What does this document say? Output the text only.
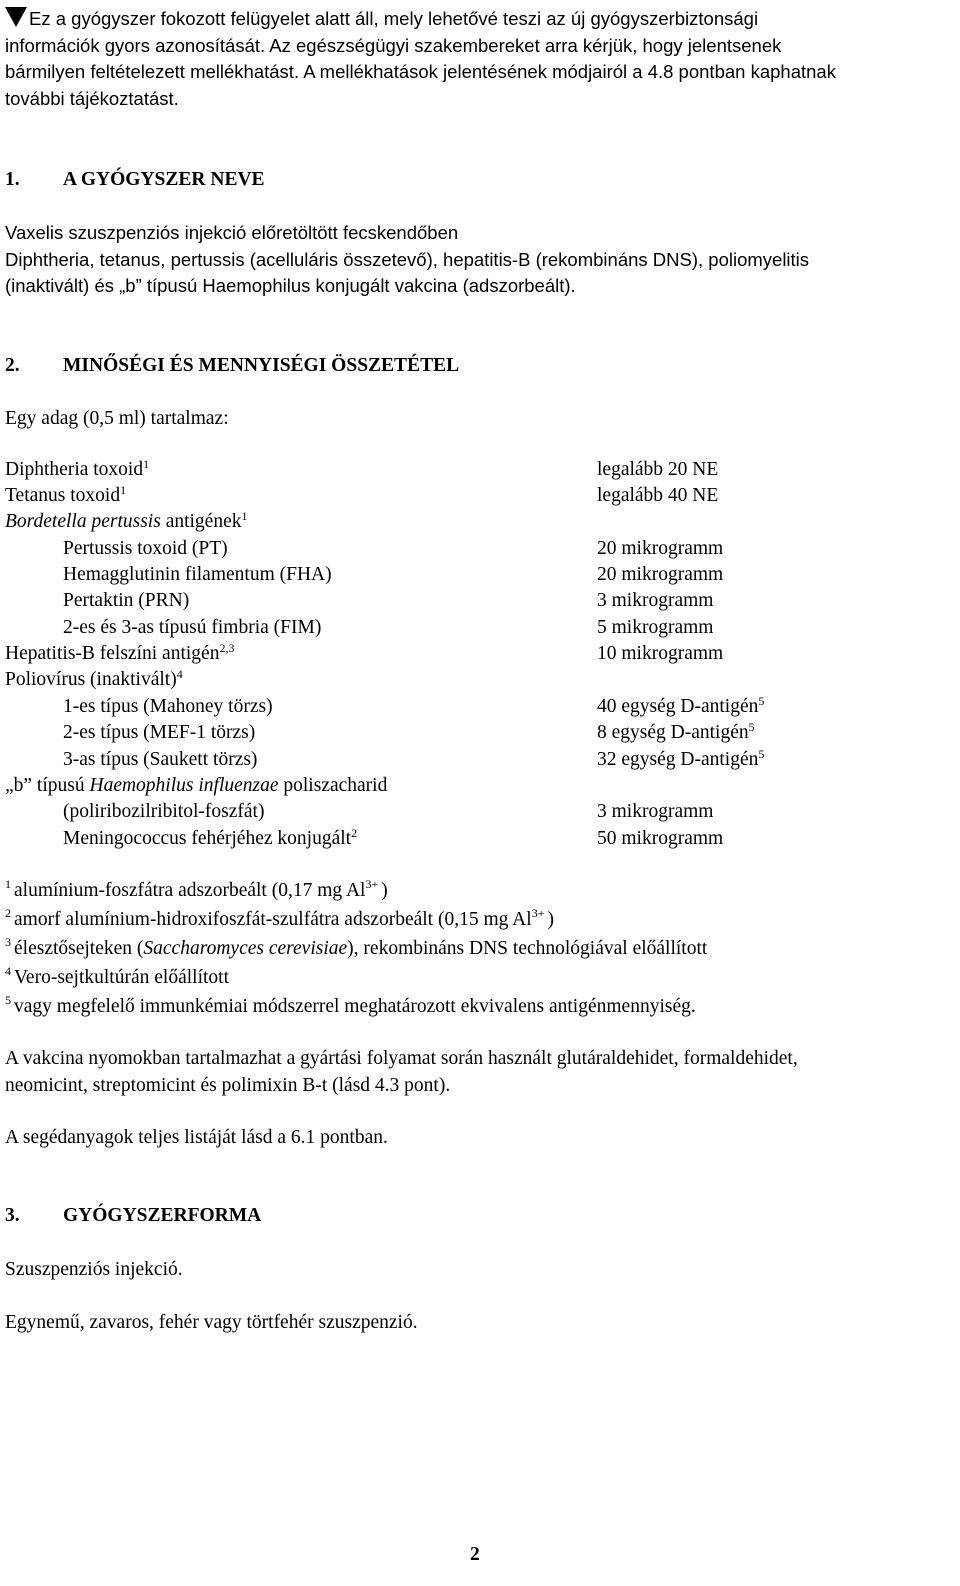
Ez a gyógyszer fokozott felügyelet alatt áll, mely lehetővé teszi az új gyógyszerbiztonsági
információk gyors azonosítását. Az egészségügyi szakembereket arra kérjük, hogy jelentsenek
bármilyen feltételezett mellékhatást. A mellékhatások jelentésének módjairól a 4.8 pontban kaphatnak
további tájékoztatást.
1. A GYÓGYSZER NEVE
Vaxelis szuszpenziós injekció előretöltött fecskendőben
Diphtheria, tetanus, pertussis (acelluláris összetevő), hepatitis-B (rekombináns DNS), poliomyelitis
(inaktivált) és „b” típusú Haemophilus konjugált vakcina (adszorbeált).
2. MINŐSÉGI ÉS MENNYISÉGI ÖSSZETÉTEL
Egy adag (0,5 ml) tartalmaz:
Diphtheria toxoid$^1$	legalább 20 NE
Tetanus toxoid$^1$	legalább 40 NE
Bordetella pertussis antigének$^1$
Pertussis toxoid (PT)	20 mikrogramm
Hemagglutinin filamentum (FHA)	20 mikrogramm
Pertaktin (PRN)	3 mikrogramm
2-es és 3-as típusú fimbria (FIM)	5 mikrogramm
Hepatitis-B felszíni antigén$^{2,3}$	10 mikrogramm
Poliovírus (inaktivált)$^4$
1-es típus (Mahoney törzs)	40 egység D-antigén$^5$
2-es típus (MEF-1 törzs)	8 egység D-antigén$^5$
3-as típus (Saukett törzs)	32 egység D-antigén$^5$
„b” típusú Haemophilus influenzae poliszacharid
(poliribozilribitol-foszfát)	3 mikrogramm
Meningococcus fehérjéhez konjugált$^2$	50 mikrogramm
$^1$ alumínium-foszfátra adszorbeált (0,17 mg $Al^{3+}$ )
$^2$ amorf alumínium-hidroxifoszfát-szulfátra adszorbeált (0,15 mg $Al^{3+}$ )
$^3$ élesztősejteken (Saccharomyces cerevisiae), rekombináns DNS technológiával előállított
$^4$ Vero-sejtkultúrán előállított
$^5$ vagy megfelelő immunkémiai módszerrel meghatározott ekvivalens antigénmennyiség.
A vakcina nyomokban tartalmazhat a gyártási folyamat során használt glutáraldehidet, formaldehidet,
neomicint, streptomicint és polimixin B-t (lásd 4.3 pont).
A segédanyagok teljes listáját lásd a 6.1 pontban.
3. GYÓGYSZERFORMA
Szuszpenziós injekció.
Egynemű, zavaros, fehér vagy törtfehér szuszpenzió.
2
